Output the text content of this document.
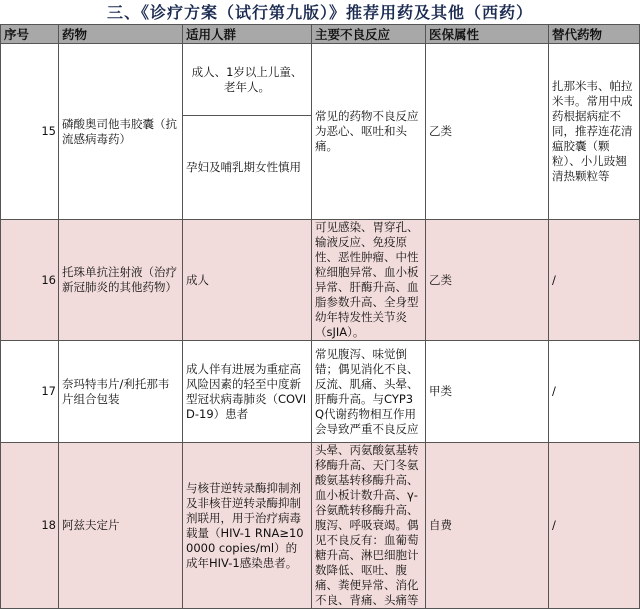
三、《诊疗方案（试行第九版）》推荐用药及其他（西药）
序号	药物	适用人群	主要不良反应	医保属性	替代药物
15	磷酸奥司他韦胶囊（抗流感病毒药）	成人、1岁以上儿童、老年人。	常见的药物不良反应为恶心、呕吐和头痛。	乙类	扎那米韦、帕拉米韦。常用中成药根据病症不同，推荐连花清瘟胶囊（颗粒）、小儿豉翘清热颗粒等
		孕妇及哺乳期女性慎用			
16	托珠单抗注射液（治疗新冠肺炎的其他药物）	成人	可见感染、胃穿孔、输液反应、免疫原性、恶性肿瘤、中性粒细胞异常、血小板异常、肝酶升高、血脂参数升高、全身型幼年特发性关节炎（sJIA）。	乙类	/
17	奈玛特韦片/利托那韦片组合包装	成人伴有进展为重症高风险因素的轻至中度新型冠状病毒肺炎（COVID-19）患者	常见腹泻、味觉倒错；偶见消化不良、反流、肌痛、头晕、肝酶升高。与CYP3Q代谢药物相互作用会导致严重不良反应	甲类	/
18	阿兹夫定片	与核苷逆转录酶抑制剂及非核苷逆转录酶抑制剂联用，用于治疗病毒载量（HIV-1 RNA≥100000 copies/ml）的成年HIV-1感染患者。	头晕、丙氨酸氨基转移酶升高、天门冬氨酸氨基转移酶升高、血小板计数升高、γ-谷氨酰转移酶升高、腹泻、呼吸衰竭。偶见不良反有：血葡萄糖升高、淋巴细胞计数降低、呕吐、腹痛、粪便异常、消化不良、背痛、头痛等	自费	/
